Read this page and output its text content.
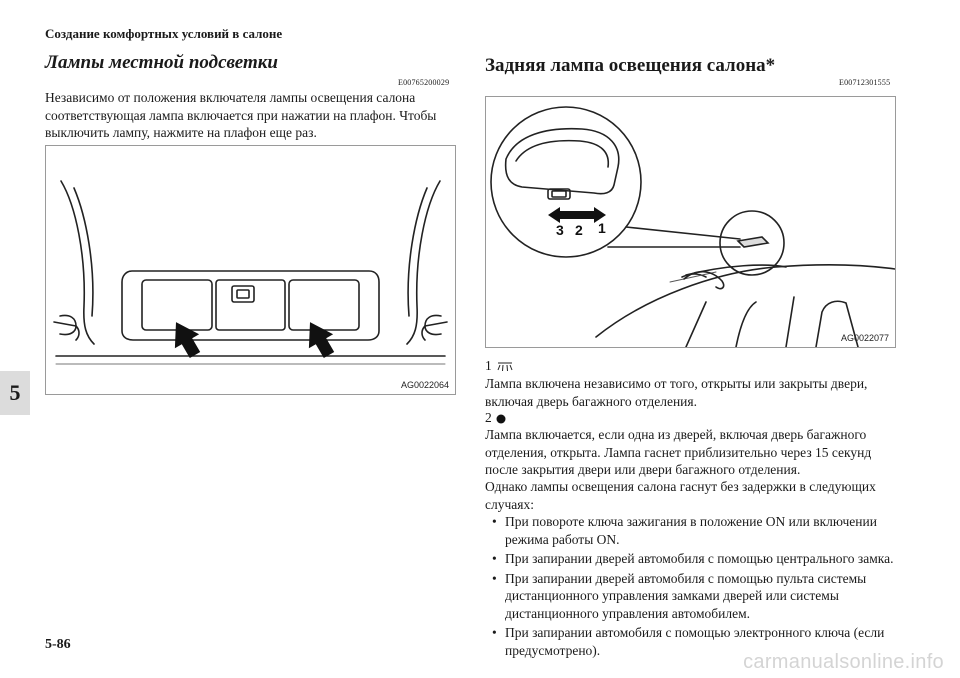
Создание комфортных условий в салоне
5
5-86
Лампы местной подсветки
E00765200029
Независимо от положения включателя лампы освещения салона соответствующая лампа включается при нажатии на плафон. Чтобы выключить лампу, нажмите на плафон еще раз.
AG0022064
Задняя лампа освещения салона*
E00712301555
3 2 1
AG0022077
1
Лампа включена независимо от того, открыты или закрыты двери, включая дверь багажного отделения.
2
Лампа включается, если одна из дверей, включая дверь багажного отделения, открыта. Лампа гаснет приблизительно через 15 секунд после закрытия двери или двери багажного отделения.
Однако лампы освещения салона гаснут без задержки в следующих случаях:
• При повороте ключа зажигания в положение ON или включении режима работы ON.
• При запирании дверей автомобиля с помощью центрального замка.
• При запирании дверей автомобиля с помощью пульта системы дистанционного управления замками дверей или системы дистанционного управления автомобилем.
• При запирании автомобиля с помощью электронного ключа (если предусмотрено).
carmanualsonline.info
